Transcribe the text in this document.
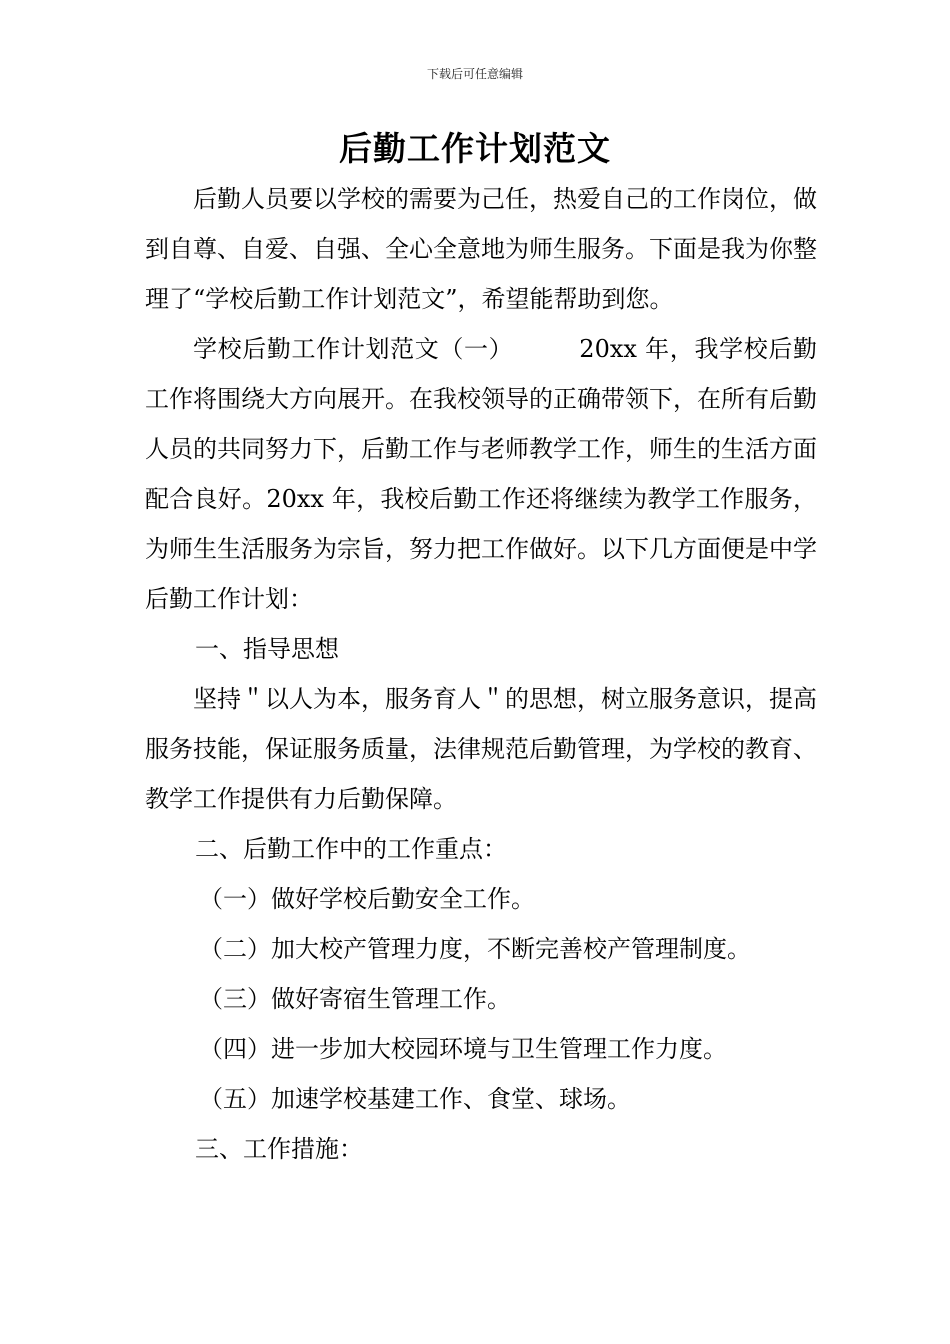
下载后可任意编辑
后勤工作计划范文

后勤人员要以学校的需要为己任，热爱自己的工作岗位，做到自尊、自爱、自强、全心全意地为师生服务。下面是我为你整理了“学校后勤工作计划范文”，希望能帮助到您。

学校后勤工作计划范文（一）	20xx 年，我学校后勤工作将围绕大方向展开。在我校领导的正确带领下，在所有后勤人员的共同努力下，后勤工作与老师教学工作，师生的生活方面配合良好。20xx 年，我校后勤工作还将继续为教学工作服务，为师生生活服务为宗旨，努力把工作做好。以下几方面便是中学后勤工作计划：

一、指导思想

坚持＂以人为本，服务育人＂的思想，树立服务意识，提高服务技能，保证服务质量，法律规范后勤管理，为学校的教育、教学工作提供有力后勤保障。

二、后勤工作中的工作重点：

（一）做好学校后勤安全工作。

（二）加大校产管理力度，不断完善校产管理制度。

（三）做好寄宿生管理工作。

（四）进一步加大校园环境与卫生管理工作力度。

（五）加速学校基建工作、食堂、球场。

三、工作措施：
